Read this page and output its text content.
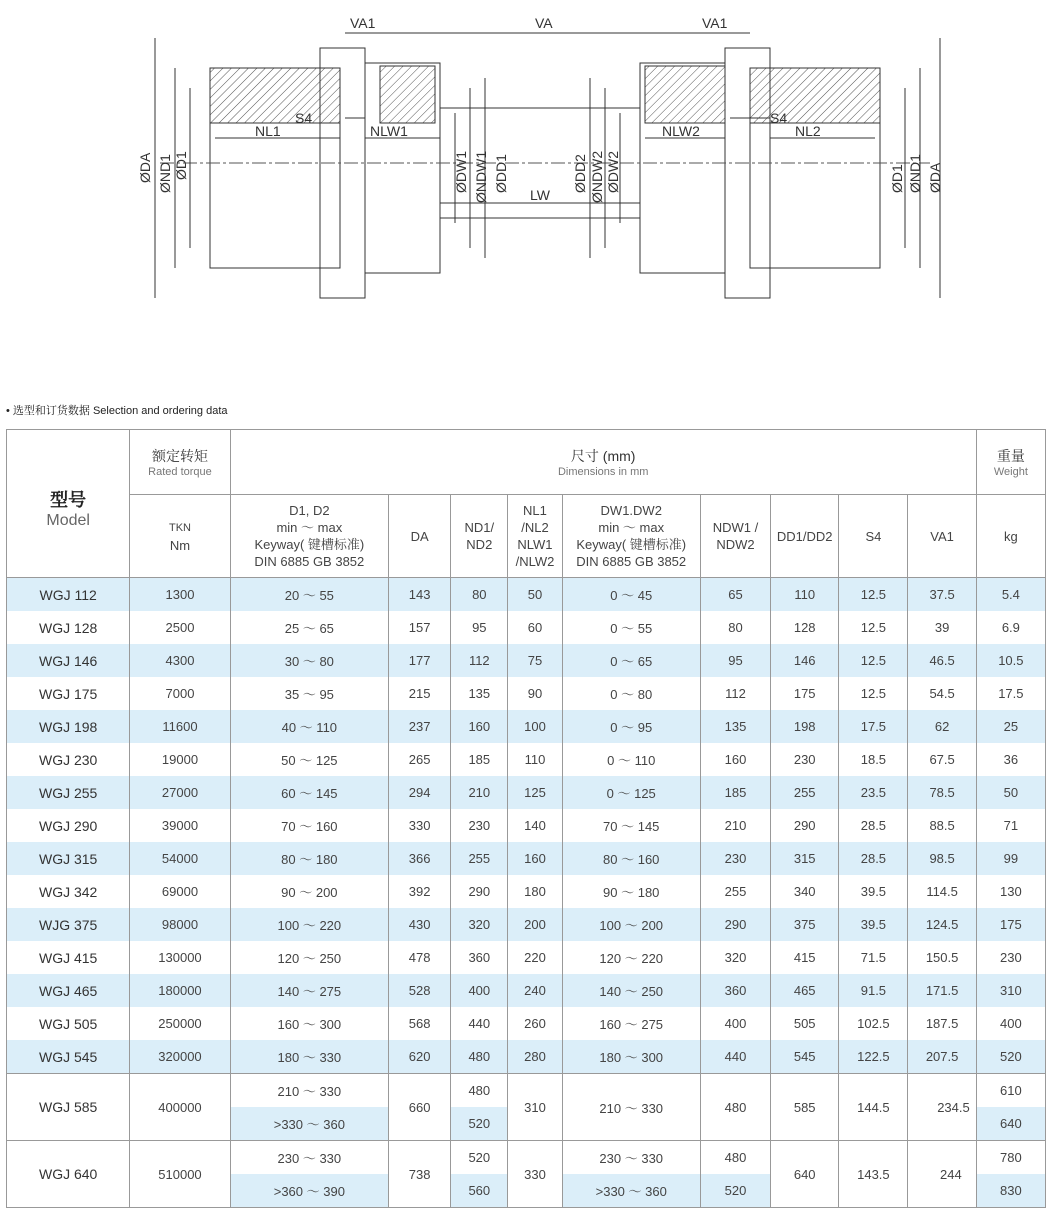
VA1	VA	VA1
S4
NL1	NLW1	NLW2
S4
NL2
LW
ØDA ØND1 ØD1	ØDW1 ØNDW1 ØDD1	ØDD2 ØNDW2 ØDW2	ØD1 ØND1 ØDA
• 选型和订货数据 Selection and ordering data
型号
Model	额定转矩
Rated torque	尺寸 (mm)
Dimensions in mm									重量
Weight

	TKN
Nm	D1, D2
min ～ max
Keyway( 键槽标准)
DIN 6885 GB 3852	DA	ND1/
ND2	NL1
/NL2
NLW1
/NLW2	DW1.DW2
min ～ max
Keyway( 键槽标准)
DIN 6885 GB 3852	NDW1 /
NDW2	DD1/DD2	S4	VA1	kg
WGJ 112	1300	20 ～ 55	143	80	50	0 ～ 45	65	110	12.5	37.5	5.4
WGJ 128	2500	25 ～ 65	157	95	60	0 ～ 55	80	128	12.5	39	6.9
WGJ 146	4300	30 ～ 80	177	112	75	0 ～ 65	95	146	12.5	46.5	10.5
WGJ 175	7000	35 ～ 95	215	135	90	0 ～ 80	112	175	12.5	54.5	17.5
WGJ 198	11600	40 ～ 110	237	160	100	0 ～ 95	135	198	17.5	62	25
WGJ 230	19000	50 ～ 125	265	185	110	0 ～ 110	160	230	18.5	67.5	36
WGJ 255	27000	60 ～ 145	294	210	125	0 ～ 125	185	255	23.5	78.5	50
WGJ 290	39000	70 ～ 160	330	230	140	70 ～ 145	210	290	28.5	88.5	71
WGJ 315	54000	80 ～ 180	366	255	160	80 ～ 160	230	315	28.5	98.5	99
WGJ 342	69000	90 ～ 200	392	290	180	90 ～ 180	255	340	39.5	114.5	130
WJG 375	98000	100 ～ 220	430	320	200	100 ～ 200	290	375	39.5	124.5	175
WGJ 415	130000	120 ～ 250	478	360	220	120 ～ 220	320	415	71.5	150.5	230
WGJ 465	180000	140 ～ 275	528	400	240	140 ～ 250	360	465	91.5	171.5	310
WGJ 505	250000	160 ～ 300	568	440	260	160 ～ 275	400	505	102.5	187.5	400
WGJ 545	320000	180 ～ 330	620	480	280	180 ～ 300	440	545	122.5	207.5	520
WGJ 585	400000	210 ～ 330	660	480	310	210 ～ 330	480	585	144.5	234.5	610
		>330 ～ 360		520							640
WGJ 640	510000	230 ～ 330	738	520	330	230 ～ 330	480	640	143.5	244	780
		>360 ～ 390		560		>330 ～ 360	520				830
